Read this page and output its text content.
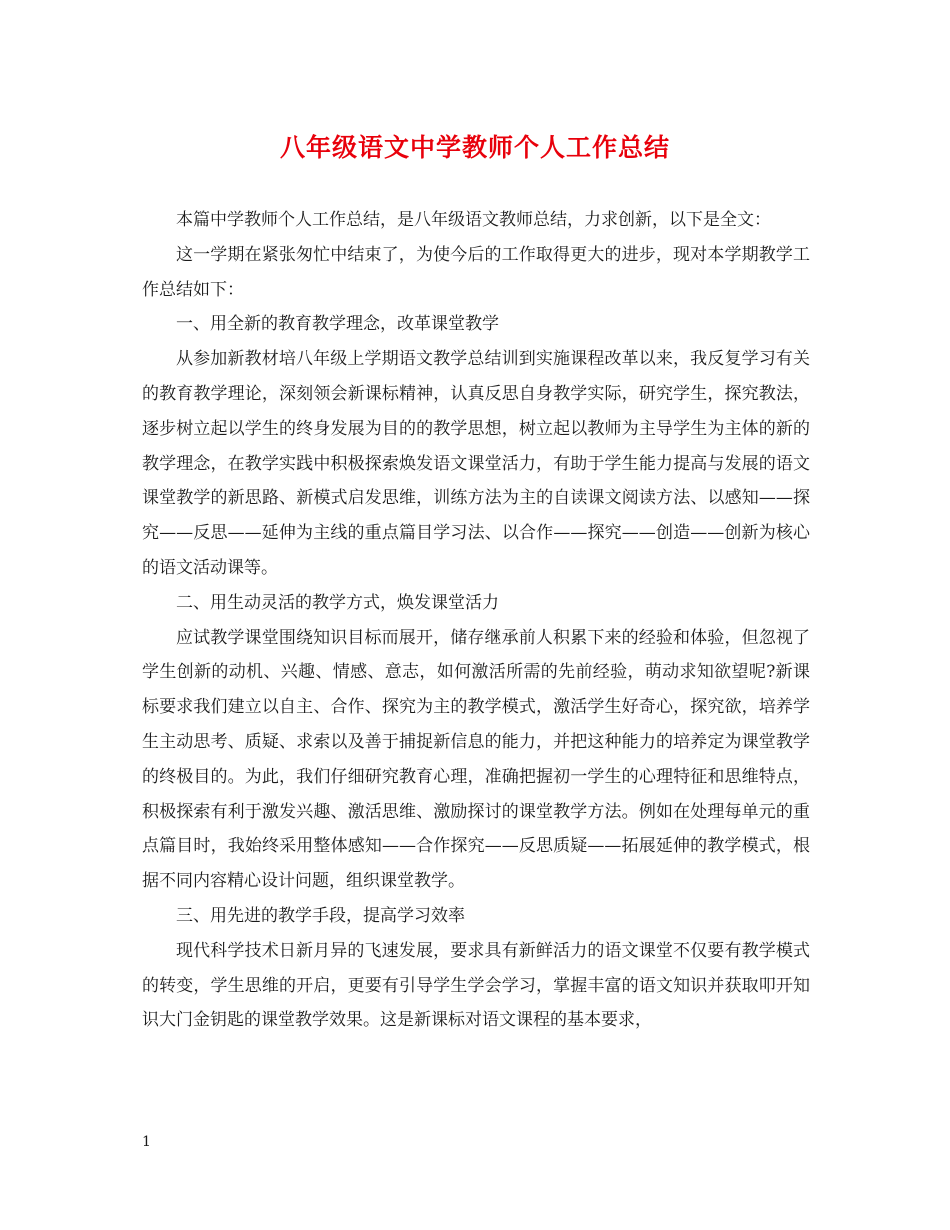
八年级语文中学教师个人工作总结

本篇中学教师个人工作总结，是八年级语文教师总结，力求创新，以下是全文：

这一学期在紧张匆忙中结束了，为使今后的工作取得更大的进步，现对本学期教学工作总结如下：

一、用全新的教育教学理念，改革课堂教学

从参加新教材培八年级上学期语文教学总结训到实施课程改革以来，我反复学习有关的教育教学理论，深刻领会新课标精神，认真反思自身教学实际，研究学生，探究教法，逐步树立起以学生的终身发展为目的的教学思想，树立起以教师为主导学生为主体的新的教学理念，在教学实践中积极探索焕发语文课堂活力，有助于学生能力提高与发展的语文课堂教学的新思路、新模式启发思维，训练方法为主的自读课文阅读方法、以感知——探究——反思——延伸为主线的重点篇目学习法、以合作——探究——创造——创新为核心的语文活动课等。

二、用生动灵活的教学方式，焕发课堂活力

应试教学课堂围绕知识目标而展开，储存继承前人积累下来的经验和体验，但忽视了学生创新的动机、兴趣、情感、意志，如何激活所需的先前经验，萌动求知欲望呢?新课标要求我们建立以自主、合作、探究为主的教学模式，激活学生好奇心，探究欲，培养学生主动思考、质疑、求索以及善于捕捉新信息的能力，并把这种能力的培养定为课堂教学的终极目的。为此，我们仔细研究教育心理，准确把握初一学生的心理特征和思维特点，积极探索有利于激发兴趣、激活思维、激励探讨的课堂教学方法。例如在处理每单元的重点篇目时，我始终采用整体感知——合作探究——反思质疑——拓展延伸的教学模式，根据不同内容精心设计问题，组织课堂教学。

三、用先进的教学手段，提高学习效率

现代科学技术日新月异的飞速发展，要求具有新鲜活力的语文课堂不仅要有教学模式的转变，学生思维的开启，更要有引导学生学会学习，掌握丰富的语文知识并获取叩开知识大门金钥匙的课堂教学效果。这是新课标对语文课程的基本要求，

1
